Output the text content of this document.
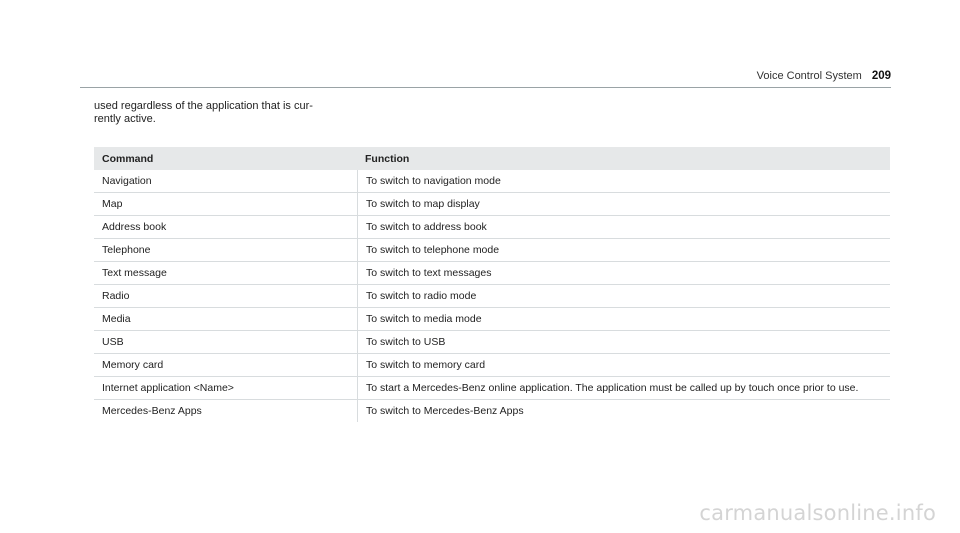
Voice Control System 209
used regardless of the application that is cur-
rently active.
Command	Function
Navigation	To switch to navigation mode
Map	To switch to map display
Address book	To switch to address book
Telephone	To switch to telephone mode
Text message	To switch to text messages
Radio	To switch to radio mode
Media	To switch to media mode
USB	To switch to USB
Memory card	To switch to memory card
Internet application <Name>	To start a Mercedes-Benz online application. The application must be called up by touch once prior to use.
Mercedes-Benz Apps	To switch to Mercedes-Benz Apps
carmanualsonline.info
